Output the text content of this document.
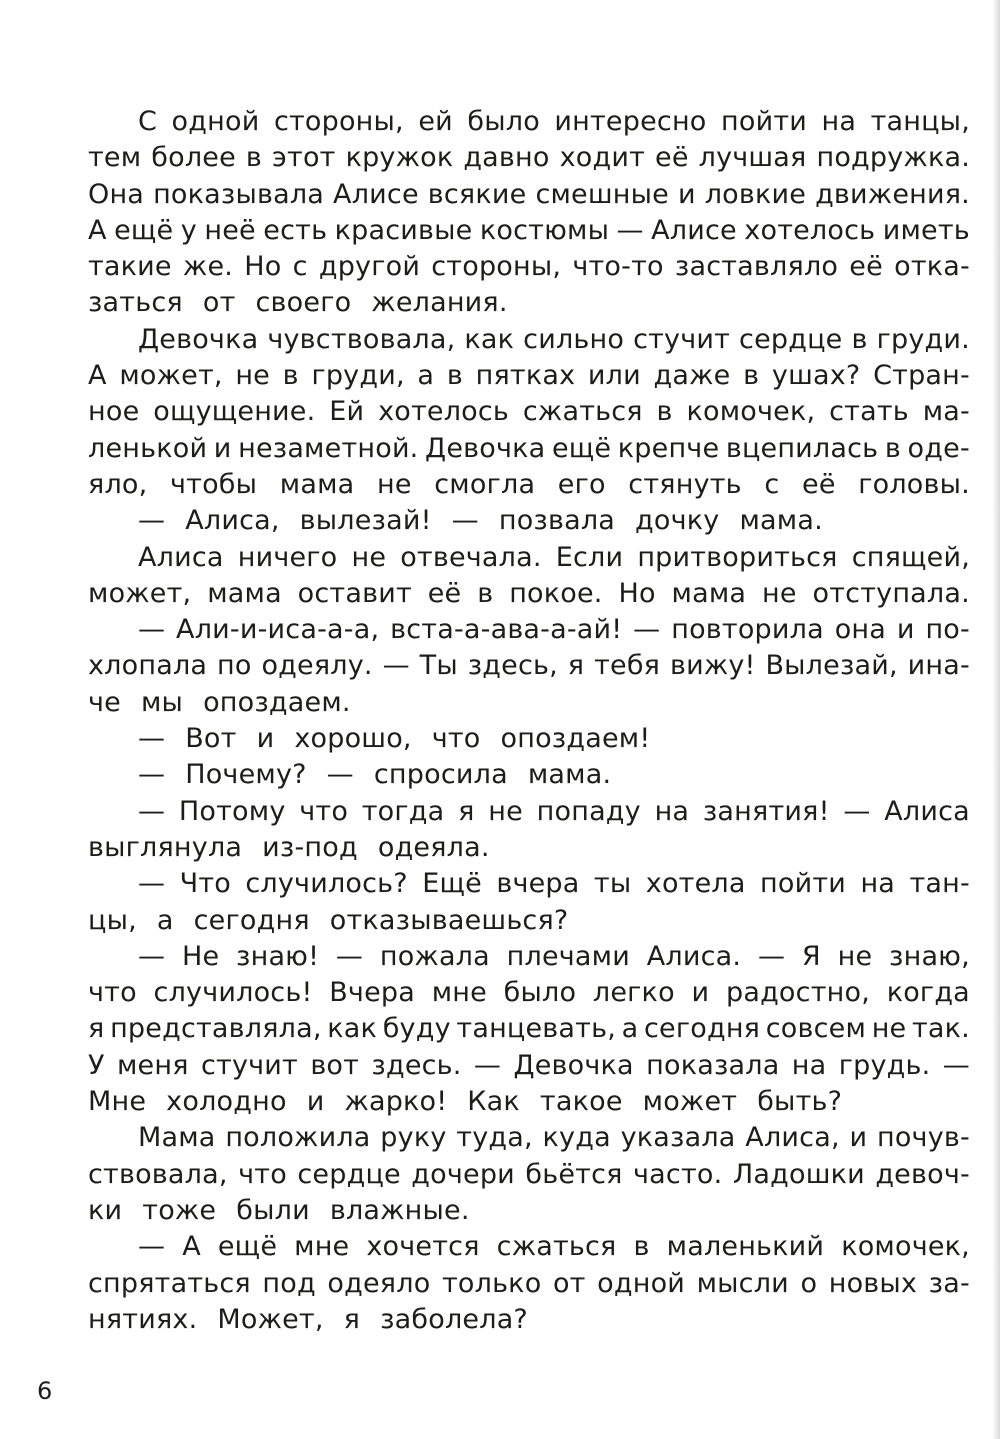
С одной стороны, ей было интересно пойти на танцы,
тем более в этот кружок давно ходит её лучшая подружка.
Она показывала Алисе всякие смешные и ловкие движения.
А ещё у неё есть красивые костюмы — Алисе хотелось иметь
такие же. Но с другой стороны, что-то заставляло её отка-
заться от своего желания.
Девочка чувствовала, как сильно стучит сердце в груди.
А может, не в груди, а в пятках или даже в ушах? Стран-
ное ощущение. Ей хотелось сжаться в комочек, стать ма-
ленькой и незаметной. Девочка ещё крепче вцепилась в оде-
яло, чтобы мама не смогла его стянуть с её головы.
— Алиса, вылезай! — позвала дочку мама.
Алиса ничего не отвечала. Если притвориться спящей,
может, мама оставит её в покое. Но мама не отступала.
— Али-и-иса-а-а, вста-а-ава-а-ай! — повторила она и по-
хлопала по одеялу. — Ты здесь, я тебя вижу! Вылезай, ина-
че мы опоздаем.
— Вот и хорошо, что опоздаем!
— Почему? — спросила мама.
— Потому что тогда я не попаду на занятия! — Алиса
выглянула из-под одеяла.
— Что случилось? Ещё вчера ты хотела пойти на тан-
цы, а сегодня отказываешься?
— Не знаю! — пожала плечами Алиса. — Я не знаю,
что случилось! Вчера мне было легко и радостно, когда
я представляла, как буду танцевать, а сегодня совсем не так.
У меня стучит вот здесь. — Девочка показала на грудь. —
Мне холодно и жарко! Как такое может быть?
Мама положила руку туда, куда указала Алиса, и почув-
ствовала, что сердце дочери бьётся часто. Ладошки девоч-
ки тоже были влажные.
— А ещё мне хочется сжаться в маленький комочек,
спрятаться под одеяло только от одной мысли о новых за-
нятиях. Может, я заболела?
6
